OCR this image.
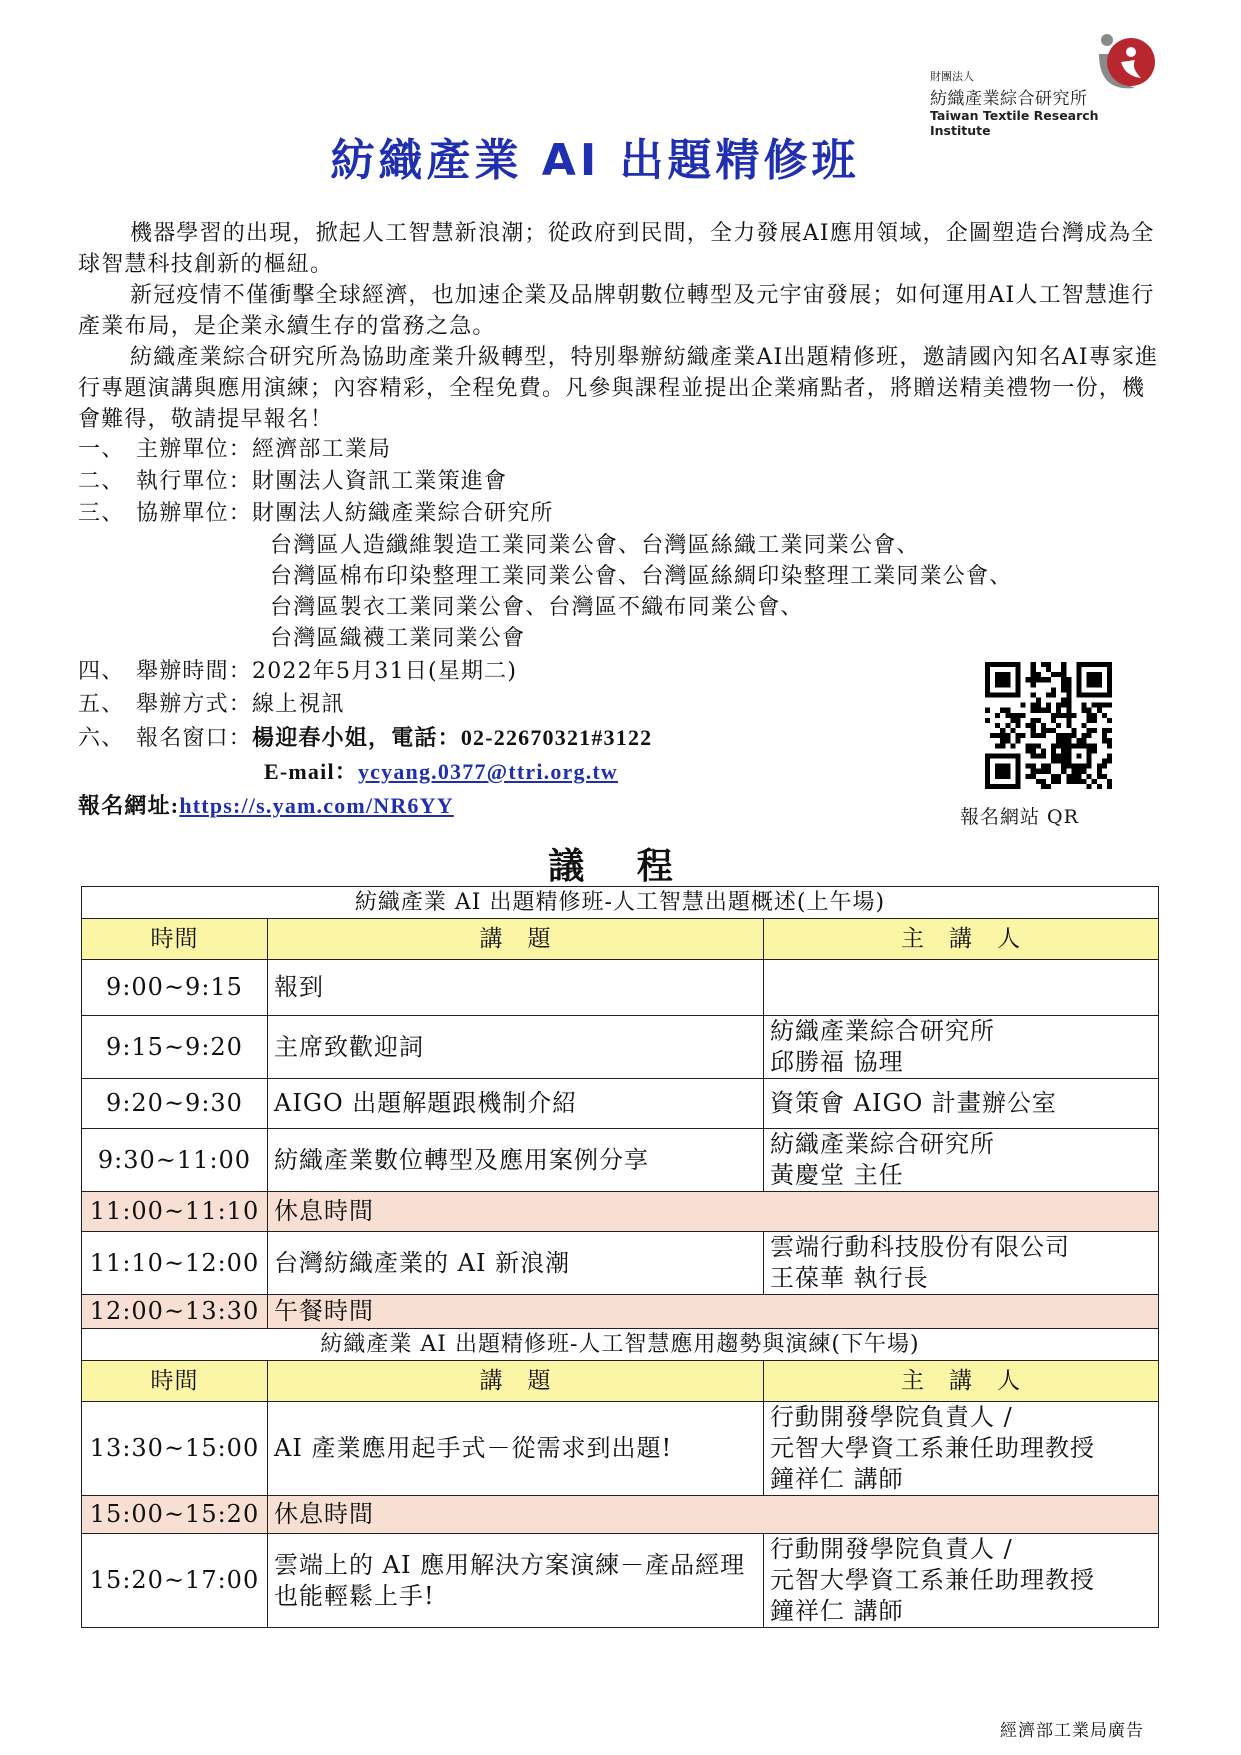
財團法人
紡織產業綜合研究所
Taiwan Textile Research Institute
紡織產業 AI 出題精修班
機器學習的出現，掀起人工智慧新浪潮；從政府到民間，全力發展AI應用領域，企圖塑造台灣成為全球智慧科技創新的樞紐。
新冠疫情不僅衝擊全球經濟，也加速企業及品牌朝數位轉型及元宇宙發展；如何運用AI人工智慧進行產業布局，是企業永續生存的當務之急。
紡織產業綜合研究所為協助產業升級轉型，特別舉辦紡織產業AI出題精修班，邀請國內知名AI專家進行專題演講與應用演練；內容精彩，全程免費。凡參與課程並提出企業痛點者，將贈送精美禮物一份，機會難得，敬請提早報名！
一、 主辦單位：經濟部工業局
二、 執行單位：財團法人資訊工業策進會
三、 協辦單位：財團法人紡織產業綜合研究所
台灣區人造纖維製造工業同業公會、台灣區絲織工業同業公會、
台灣區棉布印染整理工業同業公會、台灣區絲綢印染整理工業同業公會、
台灣區製衣工業同業公會、台灣區不織布同業公會、
台灣區織襪工業同業公會
四、 舉辦時間：2022年5月31日(星期二)
五、 舉辦方式：線上視訊
六、 報名窗口：楊迎春小姐，電話：02-22670321#3122
E-mail：ycyang.0377@ttri.org.tw
報名網址:https://s.yam.com/NR6YY	報名網站 QR
議 程
紡織產業 AI 出題精修班-人工智慧出題概述(上午場)		
時間	講　題	主　講　人
9:00~9:15	報到	
9:15~9:20	主席致歡迎詞	紡織產業綜合研究所
邱勝福 協理

9:20~9:30	AIGO 出題解題跟機制介紹	資策會 AIGO 計畫辦公室

9:30~11:00	紡織產業數位轉型及應用案例分享	紡織產業綜合研究所
黃慶堂 主任

11:00~11:10	休息時間	
11:10~12:00	台灣紡織產業的 AI 新浪潮	雲端行動科技股份有限公司
王葆華 執行長

12:00~13:30	午餐時間	
紡織產業 AI 出題精修班-人工智慧應用趨勢與演練(下午場)		
時間	講　題	主　講　人
13:30~15:00	AI 產業應用起手式－從需求到出題!	行動開發學院負責人 /
元智大學資工系兼任助理教授
鐘祥仁 講師

15:00~15:20	休息時間	
15:20~17:00	雲端上的 AI 應用解決方案演練－產品經理也能輕鬆上手!	行動開發學院負責人 /
元智大學資工系兼任助理教授
鐘祥仁 講師
經濟部工業局廣告
